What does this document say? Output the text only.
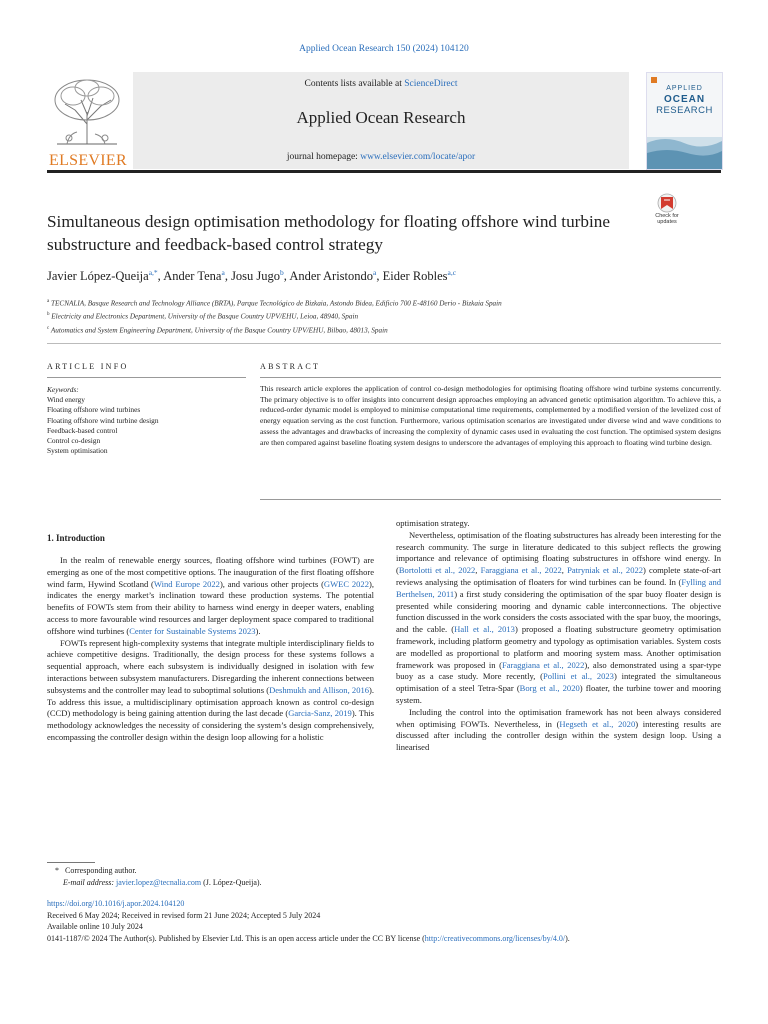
Applied Ocean Research 150 (2024) 104120
ELSEVIER
Contents lists available at ScienceDirect
Applied Ocean Research
journal homepage: www.elsevier.com/locate/apor
APPLIED
OCEAN
RESEARCH
Simultaneous design optimisation methodology for floating offshore wind turbine substructure and feedback-based control strategy
Check for updates
Javier López-Queija$^{a,*}$, Ander Tena$^a$, Josu Jugo$^b$, Ander Aristondo$^a$, Eider Robles$^{a,c}$
$^a$ TECNALIA, Basque Research and Technology Alliance (BRTA), Parque Tecnológico de Bizkaia, Astondo Bidea, Edificio 700 E-48160 Derio - Bizkaia Spain
$^b$ Electricity and Electronics Department, University of the Basque Country UPV/EHU, Leioa, 48940, Spain
$^c$ Automatics and System Engineering Department, University of the Basque Country UPV/EHU, Bilbao, 48013, Spain
ARTICLE INFO	ABSTRACT
Keywords:
Wind energy
Floating offshore wind turbines
Floating offshore wind turbine design
Feedback-based control
Control co-design
System optimisation
This research article explores the application of control co-design methodologies for optimising floating offshore wind turbine systems concurrently. The primary objective is to offer insights into concurrent design approaches employing an advanced genetic optimisation algorithm. To achieve this, a reduced-order dynamic model is employed to minimise computational time requirements, complemented by a modified version of the levelized cost of energy equation serving as the cost function. Furthermore, various optimisation scenarios are investigated under diverse wind and wave conditions to assess the advantages and drawbacks of increasing the complexity of dynamic cases used in evaluating the cost function. The optimised system designs are then compared against baseline floating system designs to underscore the advantages of employing this approach to floating wind turbine design.
1. Introduction

In the realm of renewable energy sources, floating offshore wind turbines (FOWT) are emerging as one of the most competitive options. The inauguration of the first floating offshore wind farm, Hywind Scotland (Wind Europe 2022), and various other projects (GWEC 2022), indicates the energy market’s inclination toward these production systems. The potential benefits of FOWTs stem from their ability to harness wind energy in deeper waters, enabling access to more favourable wind resources and larger deployment space compared to traditional offshore wind turbines (Center for Sustainable Systems 2023).

FOWTs represent high-complexity systems that integrate multiple interdisciplinary fields to achieve competitive designs. Traditionally, the design process for these systems follows a sequential approach, where each subsystem is individually designed in isolation with few interactions between subsystem manufacturers. Disregarding the inherent connections between subsystems and the controller may lead to suboptimal solutions (Deshmukh and Allison, 2016). To address this issue, a multidisciplinary optimisation approach known as control co-design (CCD) methodology is being gaining attention during the last decade (Garcia-Sanz, 2019). This methodology acknowledges the necessity of considering the system’s design comprehensively, encompassing the controller design within the design loop allowing for a holistic

optimisation strategy.

Nevertheless, optimisation of the floating substructures has already been interesting for the research community. The surge in literature dedicated to this subject reflects the growing importance and relevance of optimising floating substructures in offshore wind energy. In (Bortolotti et al., 2022, Faraggiana et al., 2022, Patryniak et al., 2022) complete state-of-art reviews analysing the optimisation of floaters for wind turbines can be found. In (Fylling and Berthelsen, 2011) a first study considering the optimisation of the spar buoy floater design is presented while considering mooring and dynamic cable interconnections. The objective function discussed in the work considers the costs associated with the spar buoy, the moorings, and the cable. (Hall et al., 2013) proposed a floating substructure geometry optimisation framework, including platform geometry and typology as optimisation variables. System costs are modelled as proportional to platform and mooring system mass. Another optimisation framework was proposed in (Faraggiana et al., 2022), also demonstrated using a spar-type buoy as a case study. More recently, (Pollini et al., 2023) integrated the simultaneous optimisation of a steel Tetra-Spar (Borg et al., 2020) floater, the turbine tower and mooring system.

Including the control into the optimisation framework has not been always considered when optimising FOWTs. Nevertheless, in (Hegseth et al., 2020) interesting results are discussed after including the controller design within the system design loop. Using a linearised

* Corresponding author.
E-mail address: javier.lopez@tecnalia.com (J. López-Queija).
https://doi.org/10.1016/j.apor.2024.104120
Received 6 May 2024; Received in revised form 21 June 2024; Accepted 5 July 2024
Available online 10 July 2024
0141-1187/© 2024 The Author(s). Published by Elsevier Ltd. This is an open access article under the CC BY license (http://creativecommons.org/licenses/by/4.0/).
